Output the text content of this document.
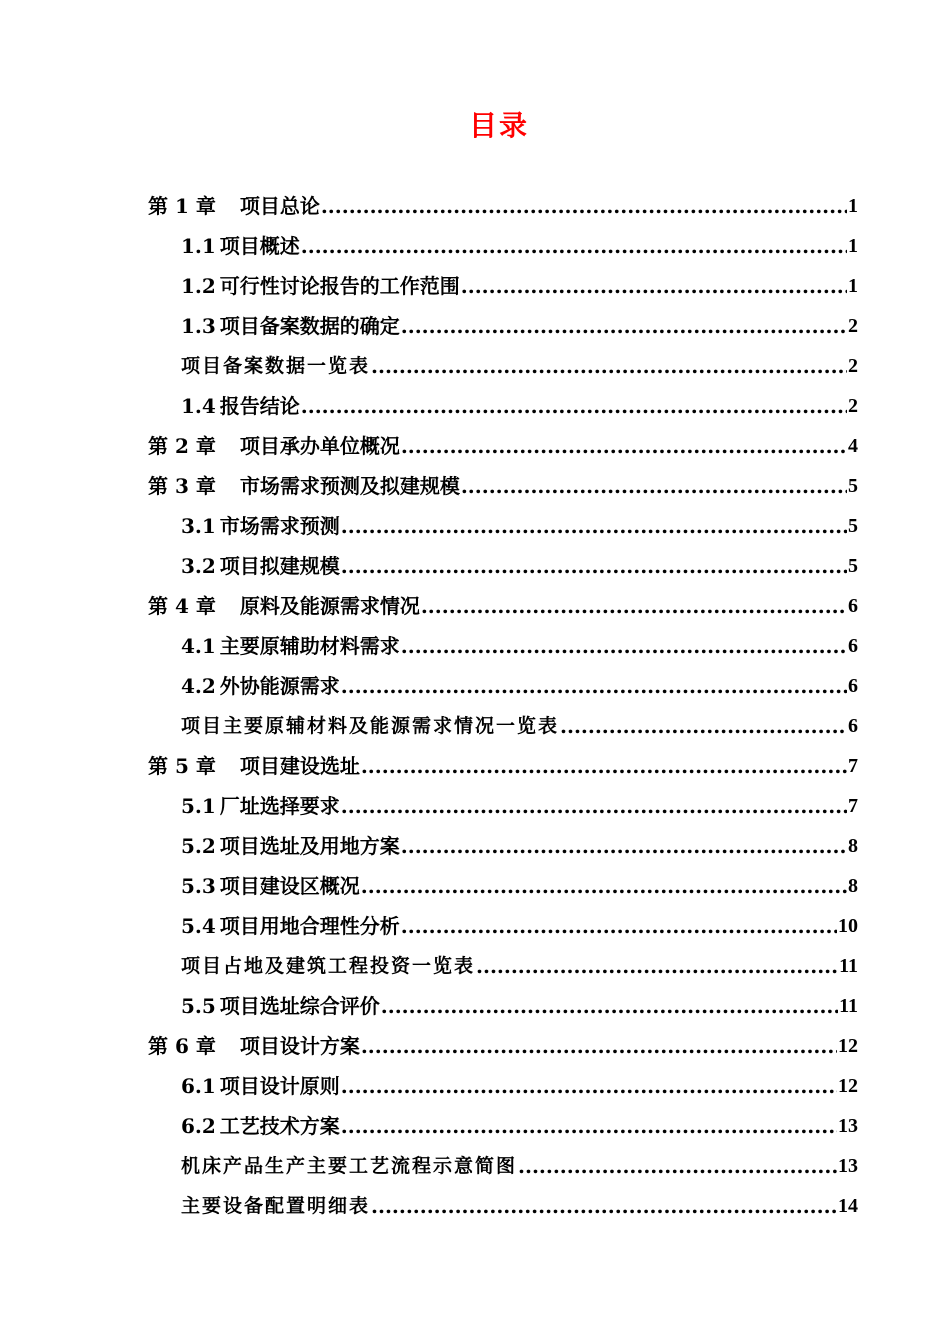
目录
第 1 章 项目总论 .....	1
1.1 项目概述 .....	1
1.2 可行性讨论报告的工作范围 .....	1
1.3 项目备案数据的确定 .....	2
项目备案数据一览表 .....	2
1.4 报告结论 .....	2
第 2 章 项目承办单位概况 .....	4
第 3 章 市场需求预测及拟建规模 .....	5
3.1 市场需求预测 .....	5
3.2 项目拟建规模 .....	5
第 4 章 原料及能源需求情况 .....	6
4.1 主要原辅助材料需求 .....	6
4.2 外协能源需求 .....	6
项目主要原辅材料及能源需求情况一览表 .....	6
第 5 章 项目建设选址 .....	7
5.1 厂址选择要求 .....	7
5.2 项目选址及用地方案 .....	8
5.3 项目建设区概况 .....	8
5.4 项目用地合理性分析 .....	10
项目占地及建筑工程投资一览表 .....	11
5.5 项目选址综合评价 .....	11
第 6 章 项目设计方案 .....	12
6.1 项目设计原则 .....	12
6.2 工艺技术方案 .....	13
机床产品生产主要工艺流程示意简图 .....	13
主要设备配置明细表 .....	14
